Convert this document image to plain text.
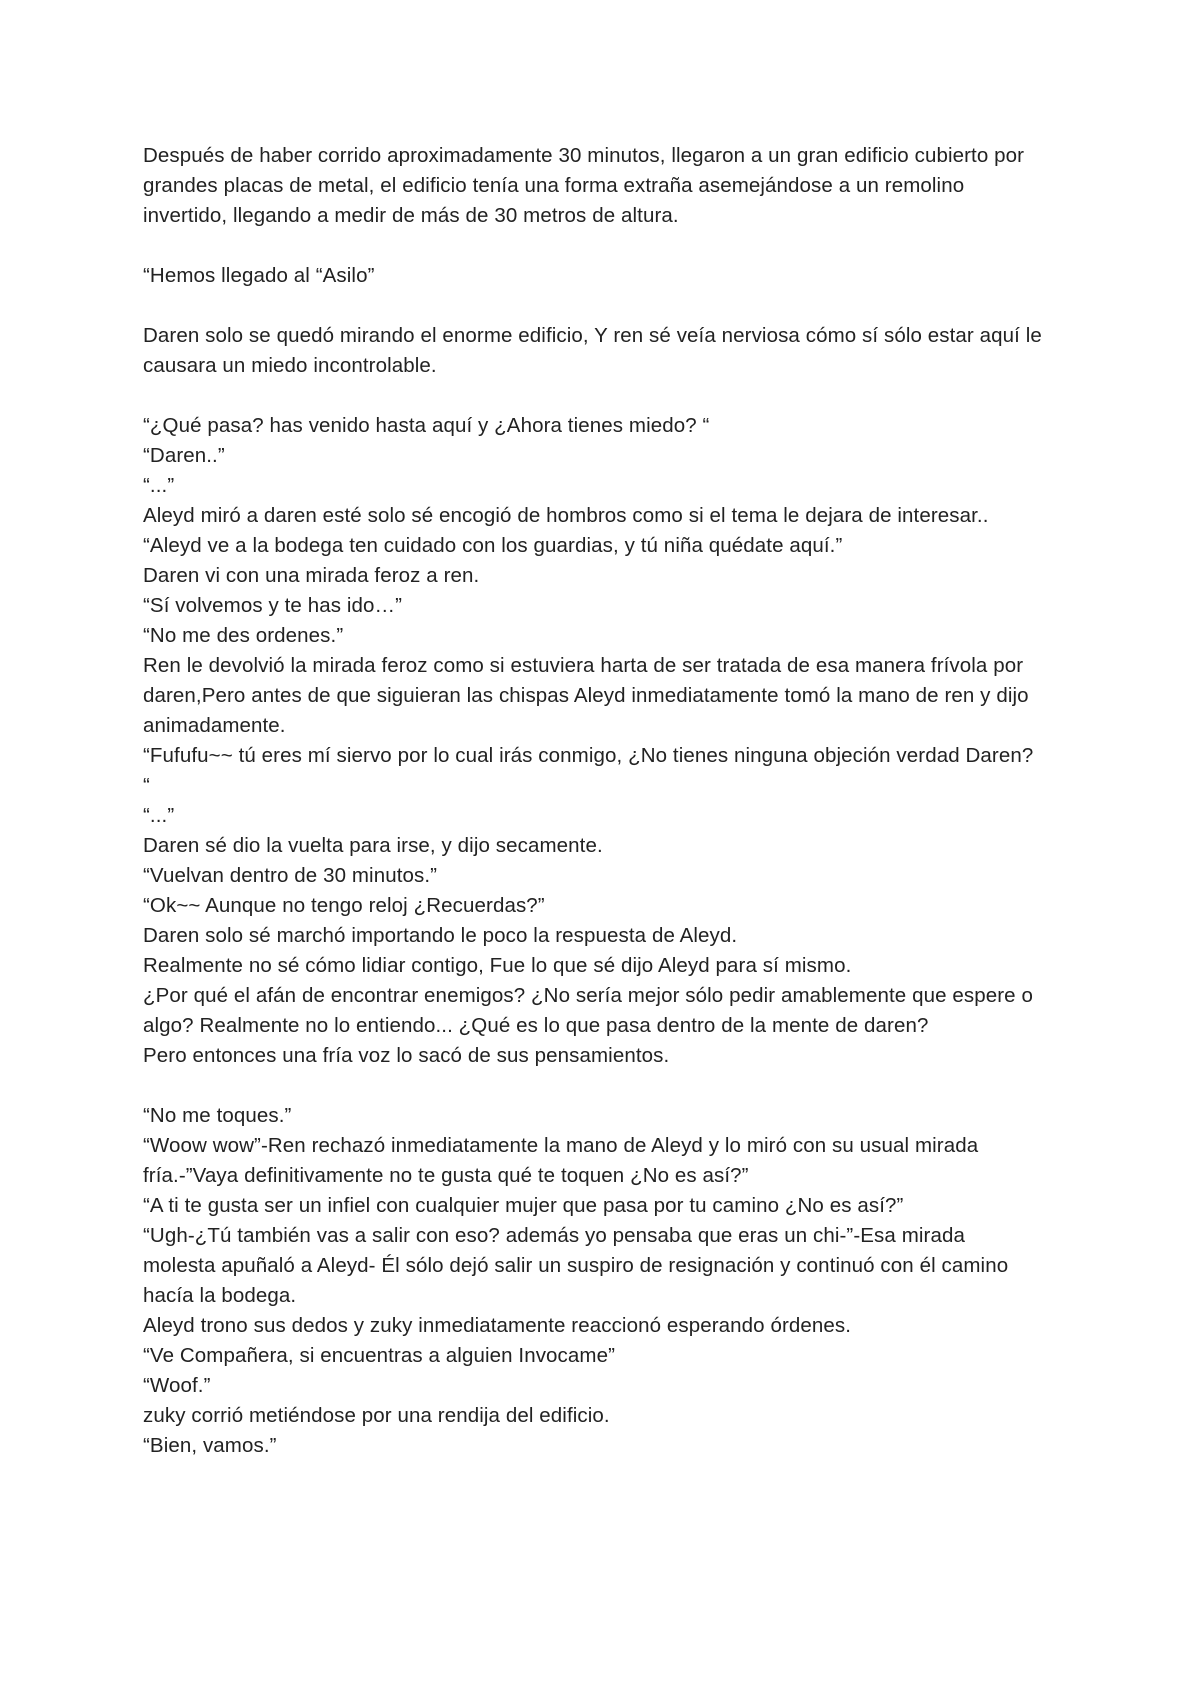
Después de haber corrido aproximadamente 30 minutos, llegaron a un gran edificio cubierto por grandes placas de metal, el edificio tenía una forma extraña asemejándose a un remolino invertido, llegando a medir de más de 30 metros de altura.

“Hemos llegado al “Asilo”

Daren solo se quedó mirando el enorme edificio, Y ren sé veía nerviosa cómo sí sólo estar aquí le causara un miedo incontrolable.

“¿Qué pasa? has venido hasta aquí y ¿Ahora tienes miedo? “

“Daren..”

“...”

Aleyd miró a daren esté solo sé encogió de hombros como si el tema le dejara de interesar..

“Aleyd ve a la bodega ten cuidado con los guardias, y tú niña quédate aquí.”

Daren vi con una mirada feroz a ren.

“Sí volvemos y te has ido…”

“No me des ordenes.”

Ren le devolvió la mirada feroz como si estuviera harta de ser tratada de esa manera frívola por daren,Pero antes de que siguieran las chispas Aleyd inmediatamente tomó la mano de ren y dijo animadamente.

“Fufufu~~ tú eres mí siervo por lo cual irás conmigo, ¿No tienes ninguna objeción verdad Daren? “

“...”

Daren sé dio la vuelta para irse, y dijo secamente.

“Vuelvan dentro de 30 minutos.”

“Ok~~ Aunque no tengo reloj ¿Recuerdas?”

Daren solo sé marchó importando le poco la respuesta de Aleyd.

Realmente no sé cómo lidiar contigo, Fue lo que sé dijo Aleyd para sí mismo.

¿Por qué el afán de encontrar enemigos? ¿No sería mejor sólo pedir amablemente que espere o algo? Realmente no lo entiendo... ¿Qué es lo que pasa dentro de la mente de daren?

Pero entonces una fría voz lo sacó de sus pensamientos.

“No me toques.”

“Woow wow”-Ren rechazó inmediatamente la mano de Aleyd y lo miró con su usual mirada fría.-”Vaya definitivamente no te gusta qué te toquen ¿No es así?”

“A ti te gusta ser un infiel con cualquier mujer que pasa por tu camino ¿No es así?”

“Ugh-¿Tú también vas a salir con eso? además yo pensaba que eras un chi-”-Esa mirada molesta apuñaló a Aleyd- Él sólo dejó salir un suspiro de resignación y continuó con él camino hacía la bodega.

Aleyd trono sus dedos y zuky inmediatamente reaccionó esperando órdenes.

“Ve Compañera, si encuentras a alguien Invocame”

“Woof.”

zuky corrió metiéndose por una rendija del edificio.

“Bien, vamos.”
